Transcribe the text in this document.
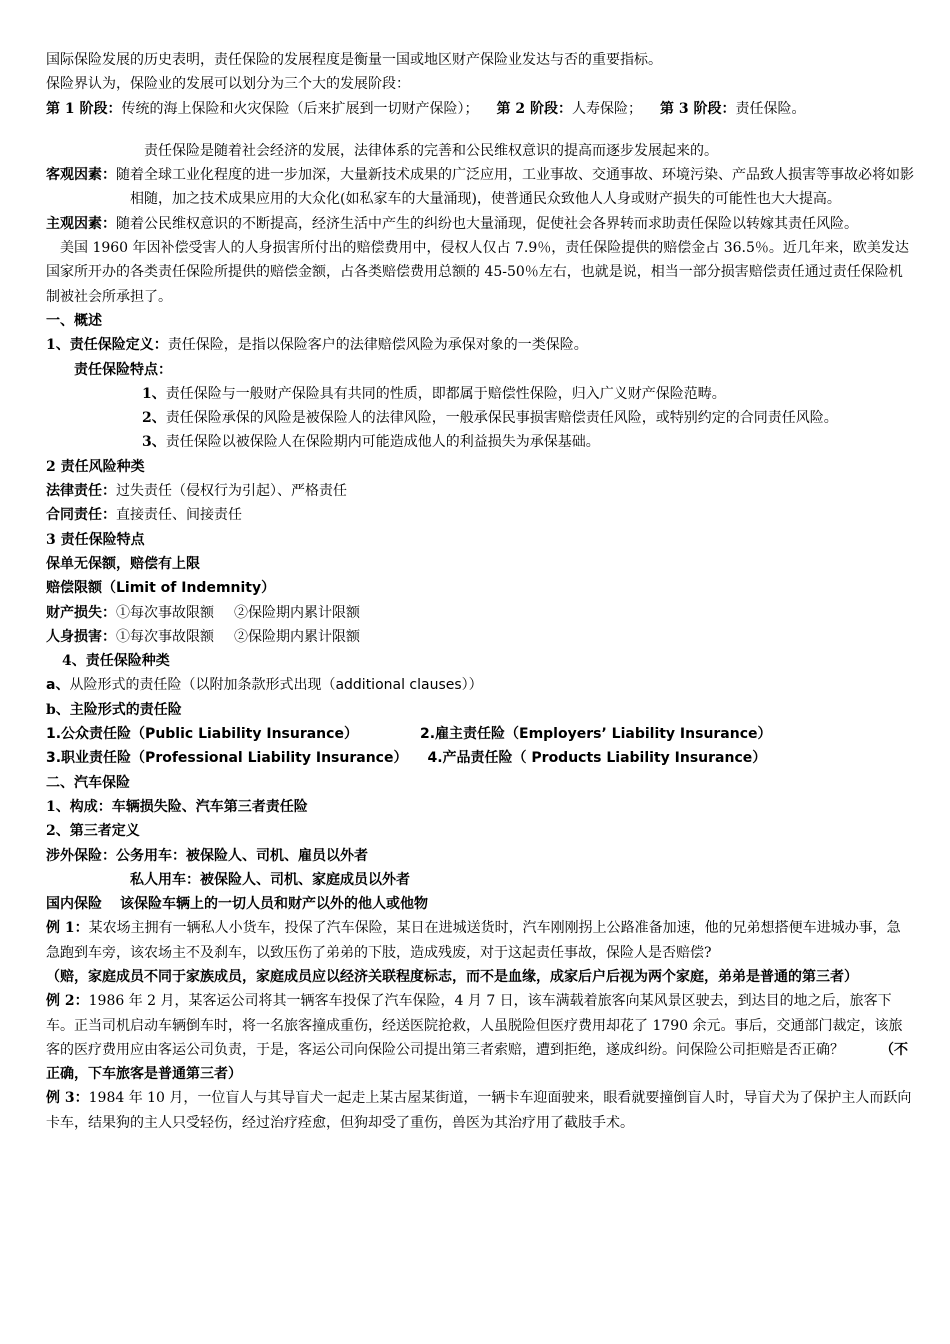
国际保险发展的历史表明，责任保险的发展程度是衡量一国或地区财产保险业发达与否的重要指标。
保险界认为，保险业的发展可以划分为三个大的发展阶段：
第 1 阶段：传统的海上保险和火灾保险（后来扩展到一切财产保险）； 第 2 阶段：人寿保险； 第 3 阶段：责任保险。
责任保险是随着社会经济的发展，法律体系的完善和公民维权意识的提高而逐步发展起来的。
客观因素：随着全球工业化程度的进一步加深，大量新技术成果的广泛应用，工业事故、交通事故、环境污染、产品致人损害等事故必将如影相随，加之技术成果应用的大众化(如私家车的大量涌现)，使普通民众致他人人身或财产损失的可能性也大大提高。
主观因素：随着公民维权意识的不断提高，经济生活中产生的纠纷也大量涌现，促使社会各界转而求助责任保险以转嫁其责任风险。
美国 1960 年因补偿受害人的人身损害所付出的赔偿费用中，侵权人仅占 7.9％，责任保险提供的赔偿金占 36.5％。近几年来，欧美发达国家所开办的各类责任保险所提供的赔偿金额，占各类赔偿费用总额的 45-50％左右，也就是说，相当一部分损害赔偿责任通过责任保险机制被社会所承担了。
一、概述
1、责任保险定义：责任保险，是指以保险客户的法律赔偿风险为承保对象的一类保险。
责任保险特点：
1、责任保险与一般财产保险具有共同的性质，即都属于赔偿性保险，归入广义财产保险范畴。
2、责任保险承保的风险是被保险人的法律风险，一般承保民事损害赔偿责任风险，或特别约定的合同责任风险。
3、责任保险以被保险人在保险期内可能造成他人的利益损失为承保基础。
2 责任风险种类
法律责任：过失责任（侵权行为引起）、严格责任
合同责任：直接责任、间接责任
3 责任保险特点
保单无保额，赔偿有上限
赔偿限额（Limit of Indemnity）
财产损失：①每次事故限额 ②保险期内累计限额
人身损害：①每次事故限额 ②保险期内累计限额
4、责任保险种类
a、从险形式的责任险（以附加条款形式出现（additional clauses））
b、主险形式的责任险
1.公众责任险（Public Liability Insurance）	2.雇主责任险（Employers’ Liability Insurance）
3.职业责任险（Professional Liability Insurance） 4.产品责任险（ Products Liability Insurance）
二、汽车保险
1、构成：车辆损失险、汽车第三者责任险
2、第三者定义
涉外保险：公务用车：被保险人、司机、雇员以外者
私人用车：被保险人、司机、家庭成员以外者
国内保险 该保险车辆上的一切人员和财产以外的他人或他物
例 1：某农场主拥有一辆私人小货车，投保了汽车保险，某日在进城送货时，汽车刚刚拐上公路准备加速，他的兄弟想搭便车进城办事，急急跑到车旁，该农场主不及刹车，以致压伤了弟弟的下肢，造成残废，对于这起责任事故，保险人是否赔偿?
（赔，家庭成员不同于家族成员，家庭成员应以经济关联程度标志，而不是血缘，成家后户后视为两个家庭，弟弟是普通的第三者）
例 2：1986 年 2 月，某客运公司将其一辆客车投保了汽车保险，4 月 7 日，该车满载着旅客向某风景区驶去，到达目的地之后，旅客下车。正当司机启动车辆倒车时，将一名旅客撞成重伤，经送医院抢救，人虽脱险但医疗费用却花了 1790 余元。事后，交通部门裁定，该旅客的医疗费用应由客运公司负责，于是，客运公司向保险公司提出第三者索赔，遭到拒绝，遂成纠纷。问保险公司拒赔是否正确？	（不正确，下车旅客是普通第三者）
例 3：1984 年 10 月，一位盲人与其导盲犬一起走上某古屋某街道，一辆卡车迎面驶来，眼看就要撞倒盲人时，导盲犬为了保护主人而跃向卡车，结果狗的主人只受轻伤，经过治疗痊愈，但狗却受了重伤，兽医为其治疗用了截肢手术。
